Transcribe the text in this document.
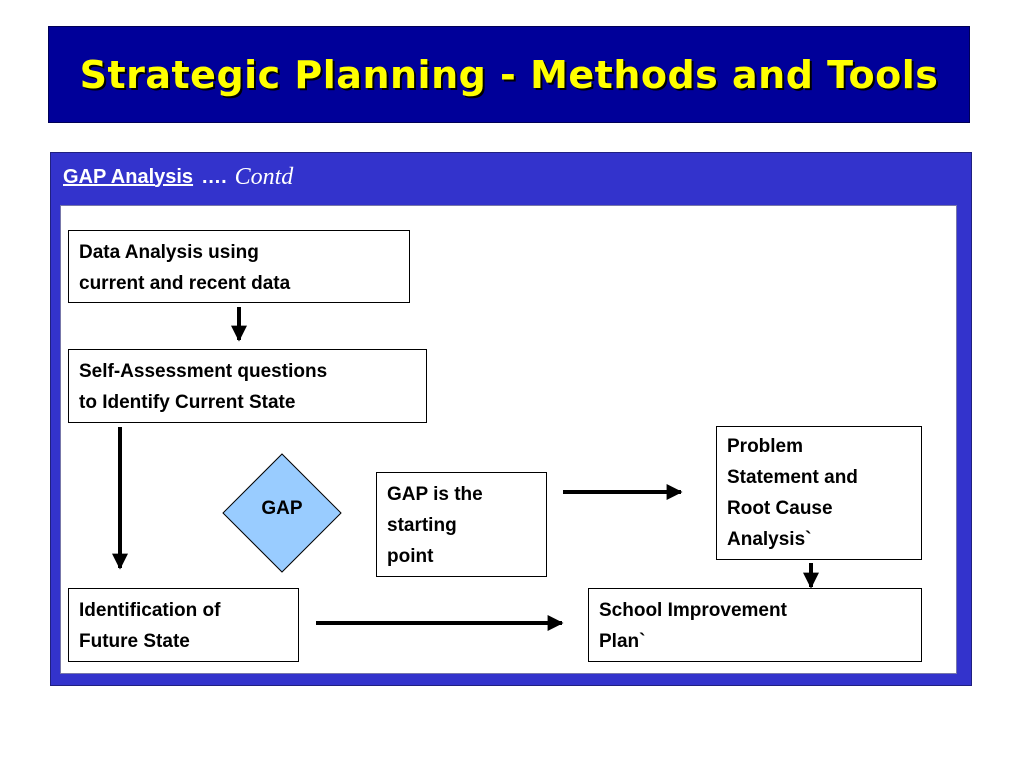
Strategic Planning - Methods and Tools
GAP Analysis …. Contd
Data Analysis using
current and recent data
Self-Assessment questions
to Identify Current State
GAP
GAP is the
starting
point
Problem
Statement and
Root Cause
Analysis`
Identification of
Future State
School Improvement
Plan`
